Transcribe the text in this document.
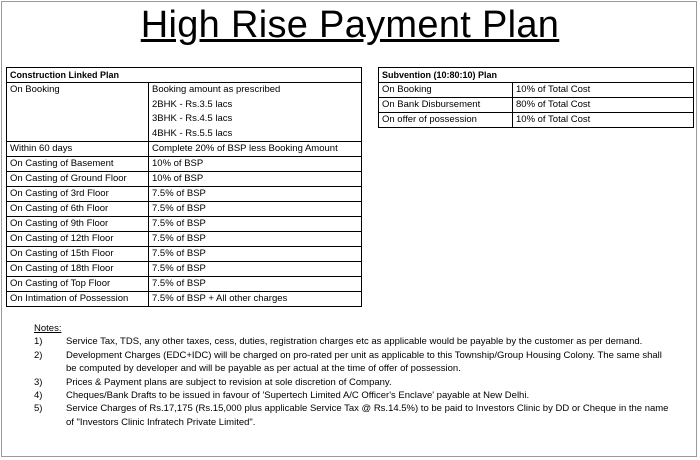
High Rise Payment Plan
Construction Linked Plan	
On Booking	Booking amount as prescribed
2BHK - Rs.3.5 lacs
3BHK - Rs.4.5 lacs
4BHK - Rs.5.5 lacs

Within 60 days	Complete 20% of BSP less Booking Amount
On Casting of Basement	10% of BSP
On Casting of Ground Floor	10% of BSP
On Casting of 3rd Floor	7.5% of BSP
On Casting of 6th Floor	7.5% of BSP
On Casting of 9th Floor	7.5% of BSP
On Casting of 12th Floor	7.5% of BSP
On Casting of 15th Floor	7.5% of BSP
On Casting of 18th Floor	7.5% of BSP
On Casting of Top Floor	7.5% of BSP
On Intimation of Possession	7.5% of BSP + All other charges
Subvention (10:80:10) Plan	
On Booking	10% of Total Cost
On Bank Disbursement	80% of Total Cost
On offer of possession	10% of Total Cost
Notes:
1)	Service Tax, TDS, any other taxes, cess, duties, registration charges etc as applicable would be payable by the customer as per demand.
2)	Development Charges (EDC+IDC) will be charged on pro-rated per unit as applicable to this Township/Group Housing Colony. The same shall be computed by developer and will be payable as per actual at the time of offer of possession.
3)	Prices & Payment plans are subject to revision at sole discretion of Company.
4)	Cheques/Bank Drafts to be issued in favour of 'Supertech Limited A/C Officer's Enclave' payable at New Delhi.
5)	Service Charges of Rs.17,175 (Rs.15,000 plus applicable Service Tax @ Rs.14.5%) to be paid to Investors Clinic by DD or Cheque in the name of "Investors Clinic Infratech Private Limited".
